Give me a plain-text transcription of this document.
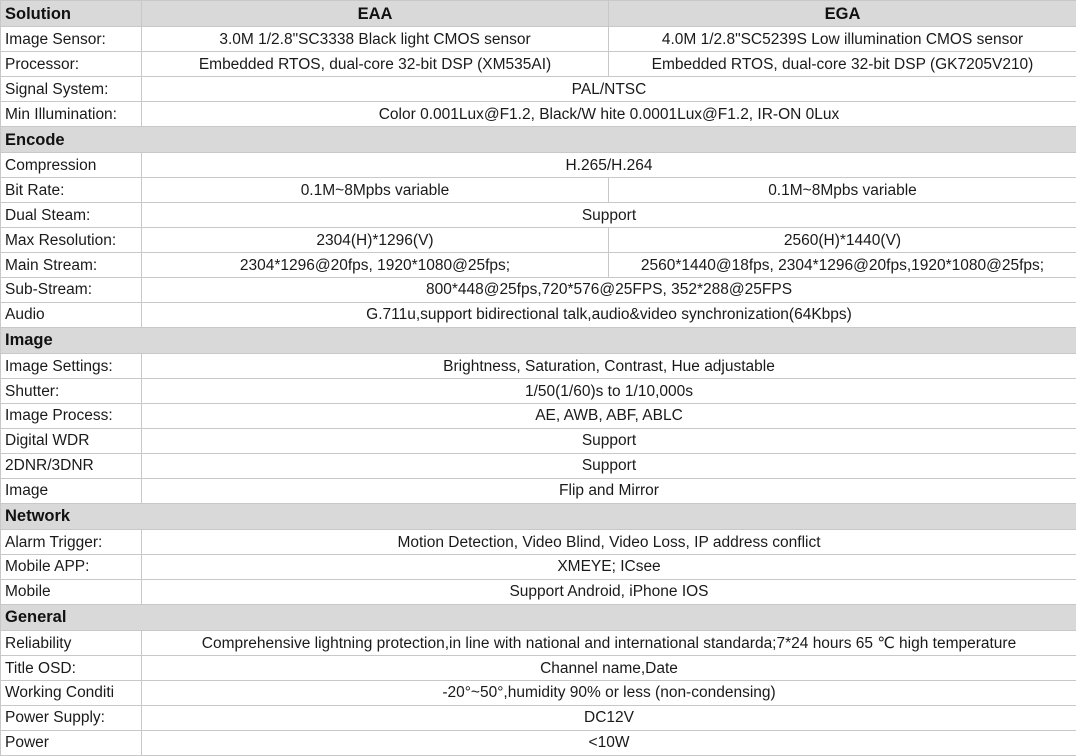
Solution	EAA	EGA
Image Sensor:	3.0M 1/2.8"SC3338 Black light CMOS sensor	4.0M 1/2.8"SC5239S Low illumination CMOS sensor
Processor:	Embedded RTOS, dual-core 32-bit DSP (XM535AI)	Embedded RTOS, dual-core 32-bit DSP (GK7205V210)
Signal System:	PAL/NTSC	
Min Illumination:	Color 0.001Lux@F1.2, Black/W hite 0.0001Lux@F1.2, IR-ON 0Lux	
Encode		
Compression	H.265/H.264	
Bit Rate:	0.1M~8Mpbs variable	0.1M~8Mpbs variable
Dual Steam:	Support	
Max Resolution:	2304(H)*1296(V)	2560(H)*1440(V)
Main Stream:	2304*1296@20fps, 1920*1080@25fps;	2560*1440@18fps, 2304*1296@20fps,1920*1080@25fps;
Sub-Stream:	800*448@25fps,720*576@25FPS, 352*288@25FPS	
Audio	G.711u,support bidirectional talk,audio&video synchronization(64Kbps)	
Image		
Image Settings:	Brightness, Saturation, Contrast, Hue adjustable	
Shutter:	1/50(1/60)s to 1/10,000s	
Image Process:	AE, AWB, ABF, ABLC	
Digital WDR	Support	
2DNR/3DNR	Support	
Image	Flip and Mirror	
Network		
Alarm Trigger:	Motion Detection, Video Blind, Video Loss, IP address conflict	
Mobile APP:	XMEYE; ICsee	
Mobile	Support Android, iPhone IOS	
General		
Reliability	Comprehensive lightning protection,in line with national and international standarda;7*24 hours 65 ℃ high temperature	
Title OSD:	Channel name,Date	
Working Conditi	-20°~50°,humidity 90% or less (non-condensing)	
Power Supply:	DC12V	
Power	<10W	
